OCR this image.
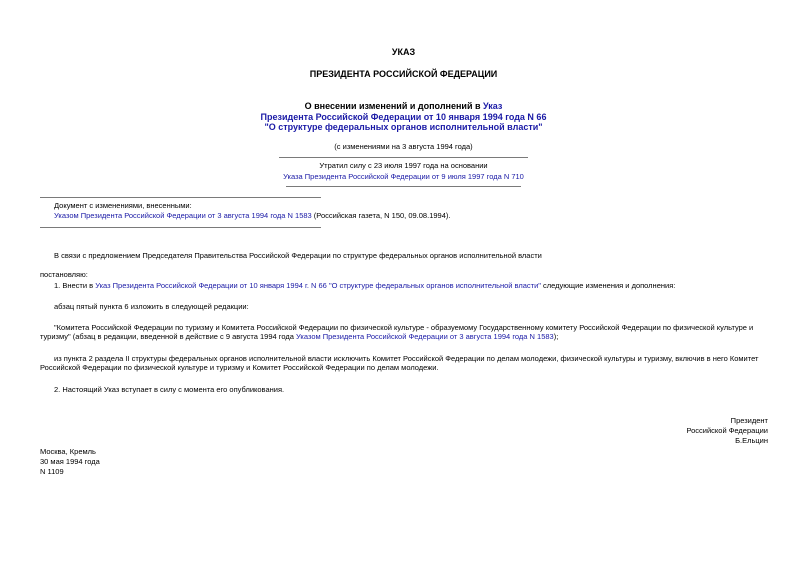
УКАЗ
ПРЕЗИДЕНТА РОССИЙСКОЙ ФЕДЕРАЦИИ
О внесении изменений и дополнений в Указ
Президента Российской Федерации от 10 января 1994 года N 66
"О структуре федеральных органов исполнительной власти"
(с изменениями на 3 августа 1994 года)
Утратил силу с 23 июля 1997 года на основании
Указа Президента Российской Федерации от 9 июля 1997 года N 710
Документ с изменениями, внесенными:
Указом Президента Российской Федерации от 3 августа 1994 года N 1583 (Российская газета, N 150, 09.08.1994).
В связи с предложением Председателя Правительства Российской Федерации по структуре федеральных органов исполнительной власти
постановляю:
1. Внести в Указ Президента Российской Федерации от 10 января 1994 г. N 66 "О структуре федеральных органов исполнительной власти" следующие изменения и дополнения:
абзац пятый пункта 6 изложить в следующей редакции:
"Комитета Российской Федерации по туризму и Комитета Российской Федерации по физической культуре - образуемому Государственному комитету Российской Федерации по физической культуре и туризму" (абзац в редакции, введенной в действие с 9 августа 1994 года Указом Президента Российской Федерации от 3 августа 1994 года N 1583);
из пункта 2 раздела II структуры федеральных органов исполнительной власти исключить Комитет Российской Федерации по делам молодежи, физической культуры и туризму, включив в него Комитет Российской Федерации по физической культуре и туризму и Комитет Российской Федерации по делам молодежи.
2. Настоящий Указ вступает в силу с момента его опубликования.
Президент
Российской Федерации
Б.Ельцин
Москва, Кремль
30 мая 1994 года
N 1109
